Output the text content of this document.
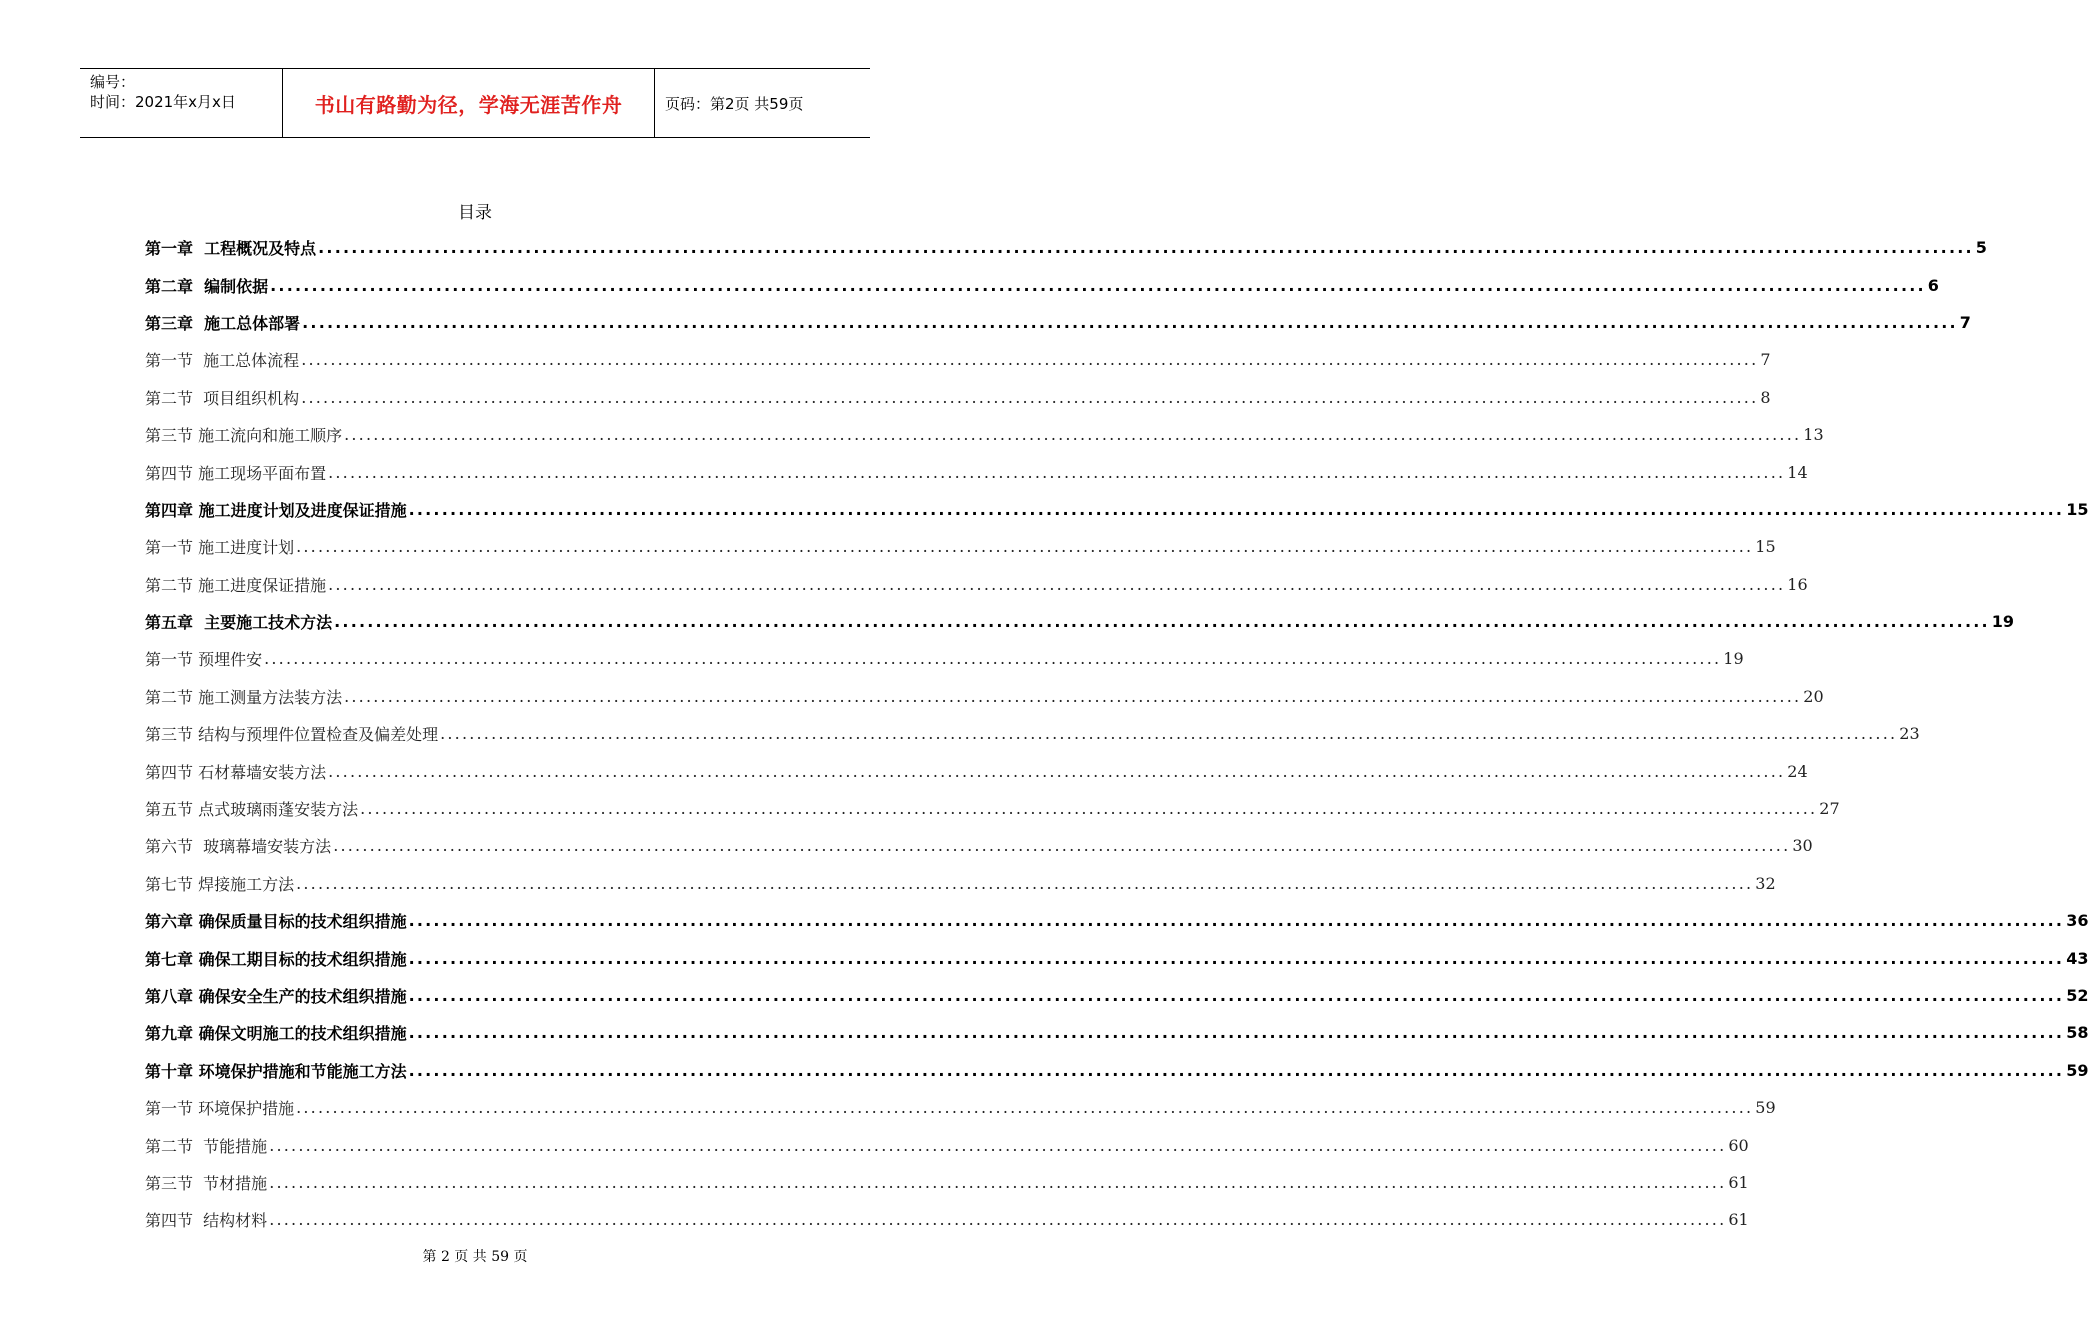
编号：
时间：2021年x月x日	书山有路勤为径，学海无涯苦作舟	页码：第2页 共59页
目录
第一章  工程概况及特点 ........................................................................................................................................................................................................ 5
第二章  编制依据 ........................................................................................................................................................................................................ 6
第三章  施工总体部署 ........................................................................................................................................................................................................ 7
第一节  施工总体流程 ........................................................................................................................................................................................................ 7
第二节  项目组织机构 ........................................................................................................................................................................................................ 8
第三节 施工流向和施工顺序 ........................................................................................................................................................................................................ 13
第四节 施工现场平面布置 ........................................................................................................................................................................................................ 14
第四章 施工进度计划及进度保证措施 ........................................................................................................................................................................................................ 15
第一节 施工进度计划 ........................................................................................................................................................................................................ 15
第二节 施工进度保证措施 ........................................................................................................................................................................................................ 16
第五章  主要施工技术方法 ........................................................................................................................................................................................................ 19
第一节 预埋件安 ........................................................................................................................................................................................................ 19
第二节 施工测量方法装方法 ........................................................................................................................................................................................................ 20
第三节 结构与预埋件位置检查及偏差处理 ........................................................................................................................................................................................................ 23
第四节 石材幕墙安装方法 ........................................................................................................................................................................................................ 24
第五节 点式玻璃雨蓬安装方法 ........................................................................................................................................................................................................ 27
第六节  玻璃幕墙安装方法 ........................................................................................................................................................................................................ 30
第七节 焊接施工方法 ........................................................................................................................................................................................................ 32
第六章 确保质量目标的技术组织措施 ........................................................................................................................................................................................................ 36
第七章 确保工期目标的技术组织措施 ........................................................................................................................................................................................................ 43
第八章 确保安全生产的技术组织措施 ........................................................................................................................................................................................................ 52
第九章 确保文明施工的技术组织措施 ........................................................................................................................................................................................................ 58
第十章 环境保护措施和节能施工方法 ........................................................................................................................................................................................................ 59
第一节 环境保护措施 ........................................................................................................................................................................................................ 59
第二节  节能措施 ........................................................................................................................................................................................................ 60
第三节  节材措施 ........................................................................................................................................................................................................ 61
第四节  结构材料 ........................................................................................................................................................................................................ 61
第 2 页 共 59 页
